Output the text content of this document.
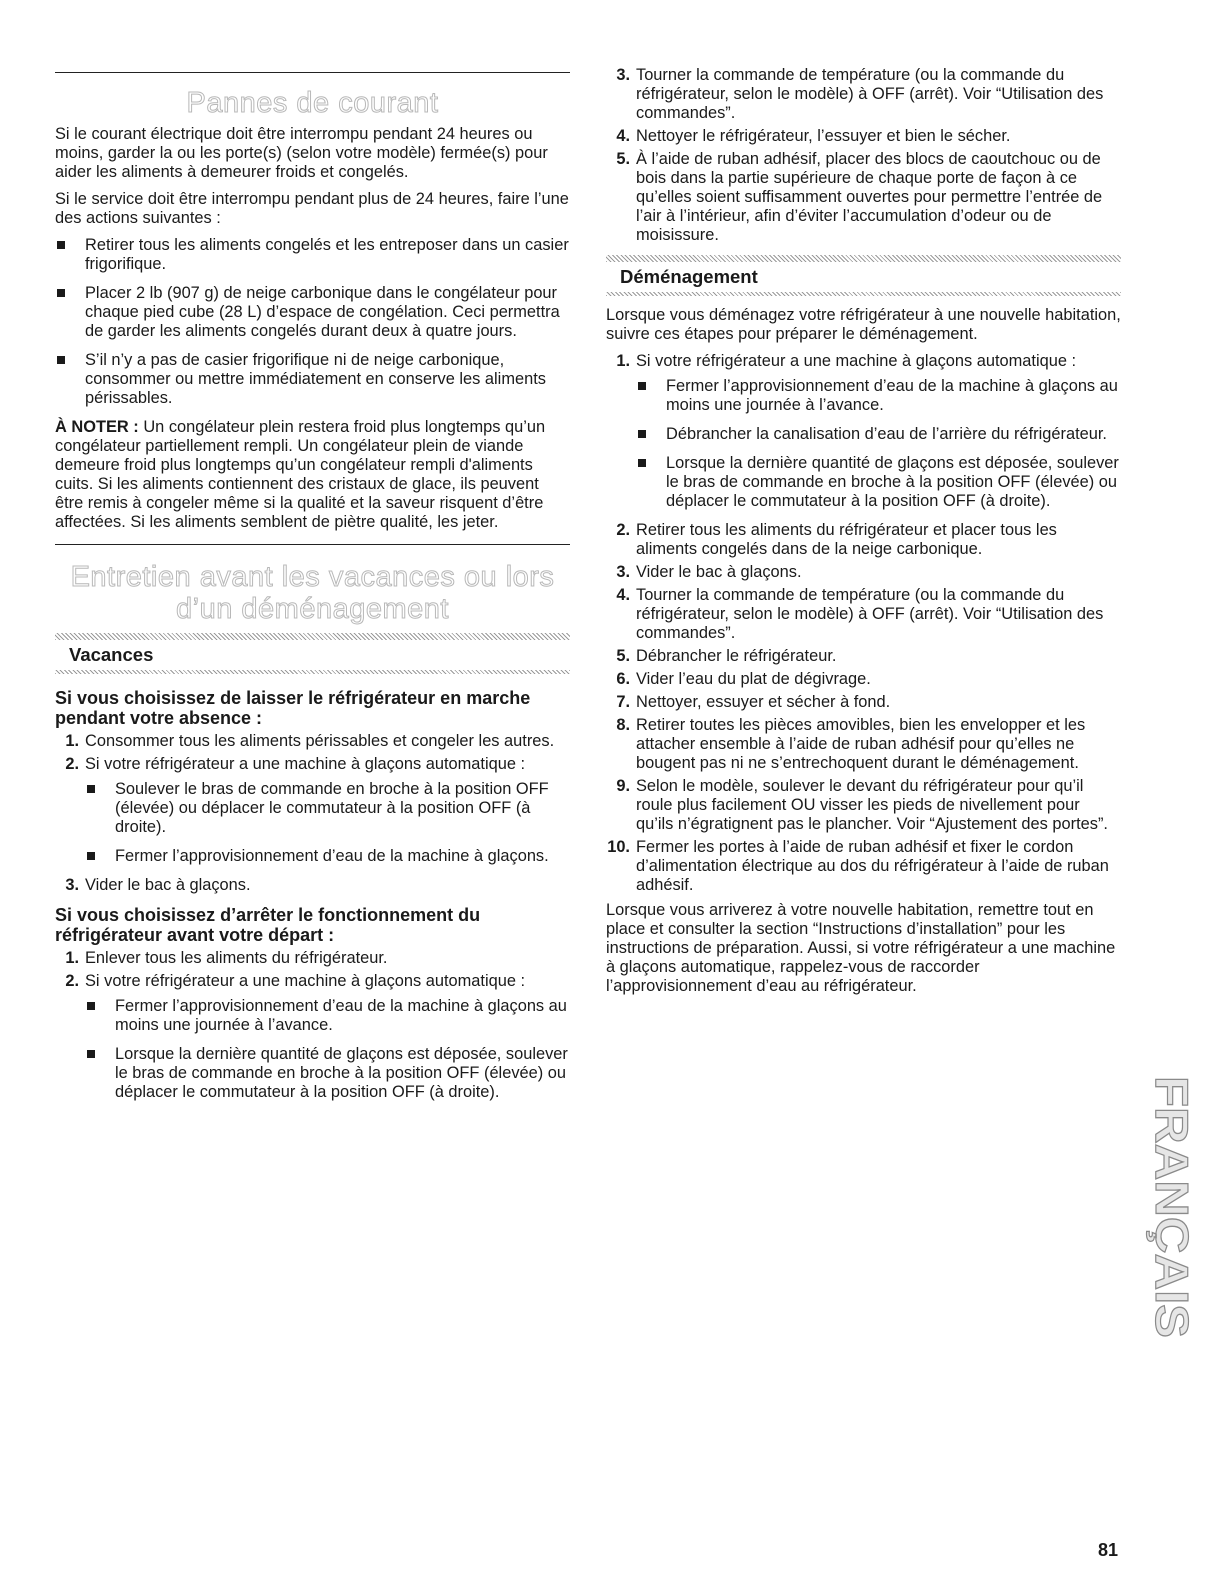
Pannes de courant

Si le courant électrique doit être interrompu pendant 24 heures ou moins, garder la ou les porte(s) (selon votre modèle) fermée(s) pour aider les aliments à demeurer froids et congelés.

Si le service doit être interrompu pendant plus de 24 heures, faire l’une des actions suivantes :

Retirer tous les aliments congelés et les entreposer dans un casier frigorifique.
Placer 2 lb (907 g) de neige carbonique dans le congélateur pour chaque pied cube (28 L) d’espace de congélation. Ceci permettra de garder les aliments congelés durant deux à quatre jours.
S’il n’y a pas de casier frigorifique ni de neige carbonique, consommer ou mettre immédiatement en conserve les aliments périssables.

À NOTER : Un congélateur plein restera froid plus longtemps qu’un congélateur partiellement rempli. Un congélateur plein de viande demeure froid plus longtemps qu’un congélateur rempli d'aliments cuits. Si les aliments contiennent des cristaux de glace, ils peuvent être remis à congeler même si la qualité et la saveur risquent d’être affectées. Si les aliments semblent de piètre qualité, les jeter.

Entretien avant les vacances ou lors
d’un déménagement
Vacances
Si vous choisissez de laisser le réfrigérateur en marche pendant votre absence :
1. Consommer tous les aliments périssables et congeler les autres.
2. Si votre réfrigérateur a une machine à glaçons automatique :
Soulever le bras de commande en broche à la position OFF (élevée) ou déplacer le commutateur à la position OFF (à droite).
Fermer l’approvisionnement d’eau de la machine à glaçons.
3. Vider le bac à glaçons.
Si vous choisissez d’arrêter le fonctionnement du réfrigérateur avant votre départ :
1. Enlever tous les aliments du réfrigérateur.
2. Si votre réfrigérateur a une machine à glaçons automatique :
Fermer l’approvisionnement d’eau de la machine à glaçons au moins une journée à l’avance.
Lorsque la dernière quantité de glaçons est déposée, soulever le bras de commande en broche à la position OFF (élevée) ou déplacer le commutateur à la position OFF (à droite).
3. Tourner la commande de température (ou la commande du réfrigérateur, selon le modèle) à OFF (arrêt). Voir “Utilisation des commandes”.
4. Nettoyer le réfrigérateur, l’essuyer et bien le sécher.
5. À l’aide de ruban adhésif, placer des blocs de caoutchouc ou de bois dans la partie supérieure de chaque porte de façon à ce qu’elles soient suffisamment ouvertes pour permettre l’entrée de l’air à l’intérieur, afin d’éviter l’accumulation d’odeur ou de moisissure.
Déménagement

Lorsque vous déménagez votre réfrigérateur à une nouvelle habitation, suivre ces étapes pour préparer le déménagement.

1. Si votre réfrigérateur a une machine à glaçons automatique :
Fermer l’approvisionnement d’eau de la machine à glaçons au moins une journée à l’avance.
Débrancher la canalisation d’eau de l’arrière du réfrigérateur.
Lorsque la dernière quantité de glaçons est déposée, soulever le bras de commande en broche à la position OFF (élevée) ou déplacer le commutateur à la position OFF (à droite).
2. Retirer tous les aliments du réfrigérateur et placer tous les aliments congelés dans de la neige carbonique.
3. Vider le bac à glaçons.
4. Tourner la commande de température (ou la commande du réfrigérateur, selon le modèle) à OFF (arrêt). Voir “Utilisation des commandes”.
5. Débrancher le réfrigérateur.
6. Vider l’eau du plat de dégivrage.
7. Nettoyer, essuyer et sécher à fond.
8. Retirer toutes les pièces amovibles, bien les envelopper et les attacher ensemble à l’aide de ruban adhésif pour qu’elles ne bougent pas ni ne s’entrechoquent durant le déménagement.
9. Selon le modèle, soulever le devant du réfrigérateur pour qu’il roule plus facilement OU visser les pieds de nivellement pour qu’ils n’égratignent pas le plancher. Voir “Ajustement des portes”.
10. Fermer les portes à l’aide de ruban adhésif et fixer le cordon d’alimentation électrique au dos du réfrigérateur à l’aide de ruban adhésif.

Lorsque vous arriverez à votre nouvelle habitation, remettre tout en place et consulter la section “Instructions d’installation” pour les instructions de préparation. Aussi, si votre réfrigérateur a une machine à glaçons automatique, rappelez-vous de raccorder l’approvisionnement d’eau au réfrigérateur.

FRANÇAIS
81
